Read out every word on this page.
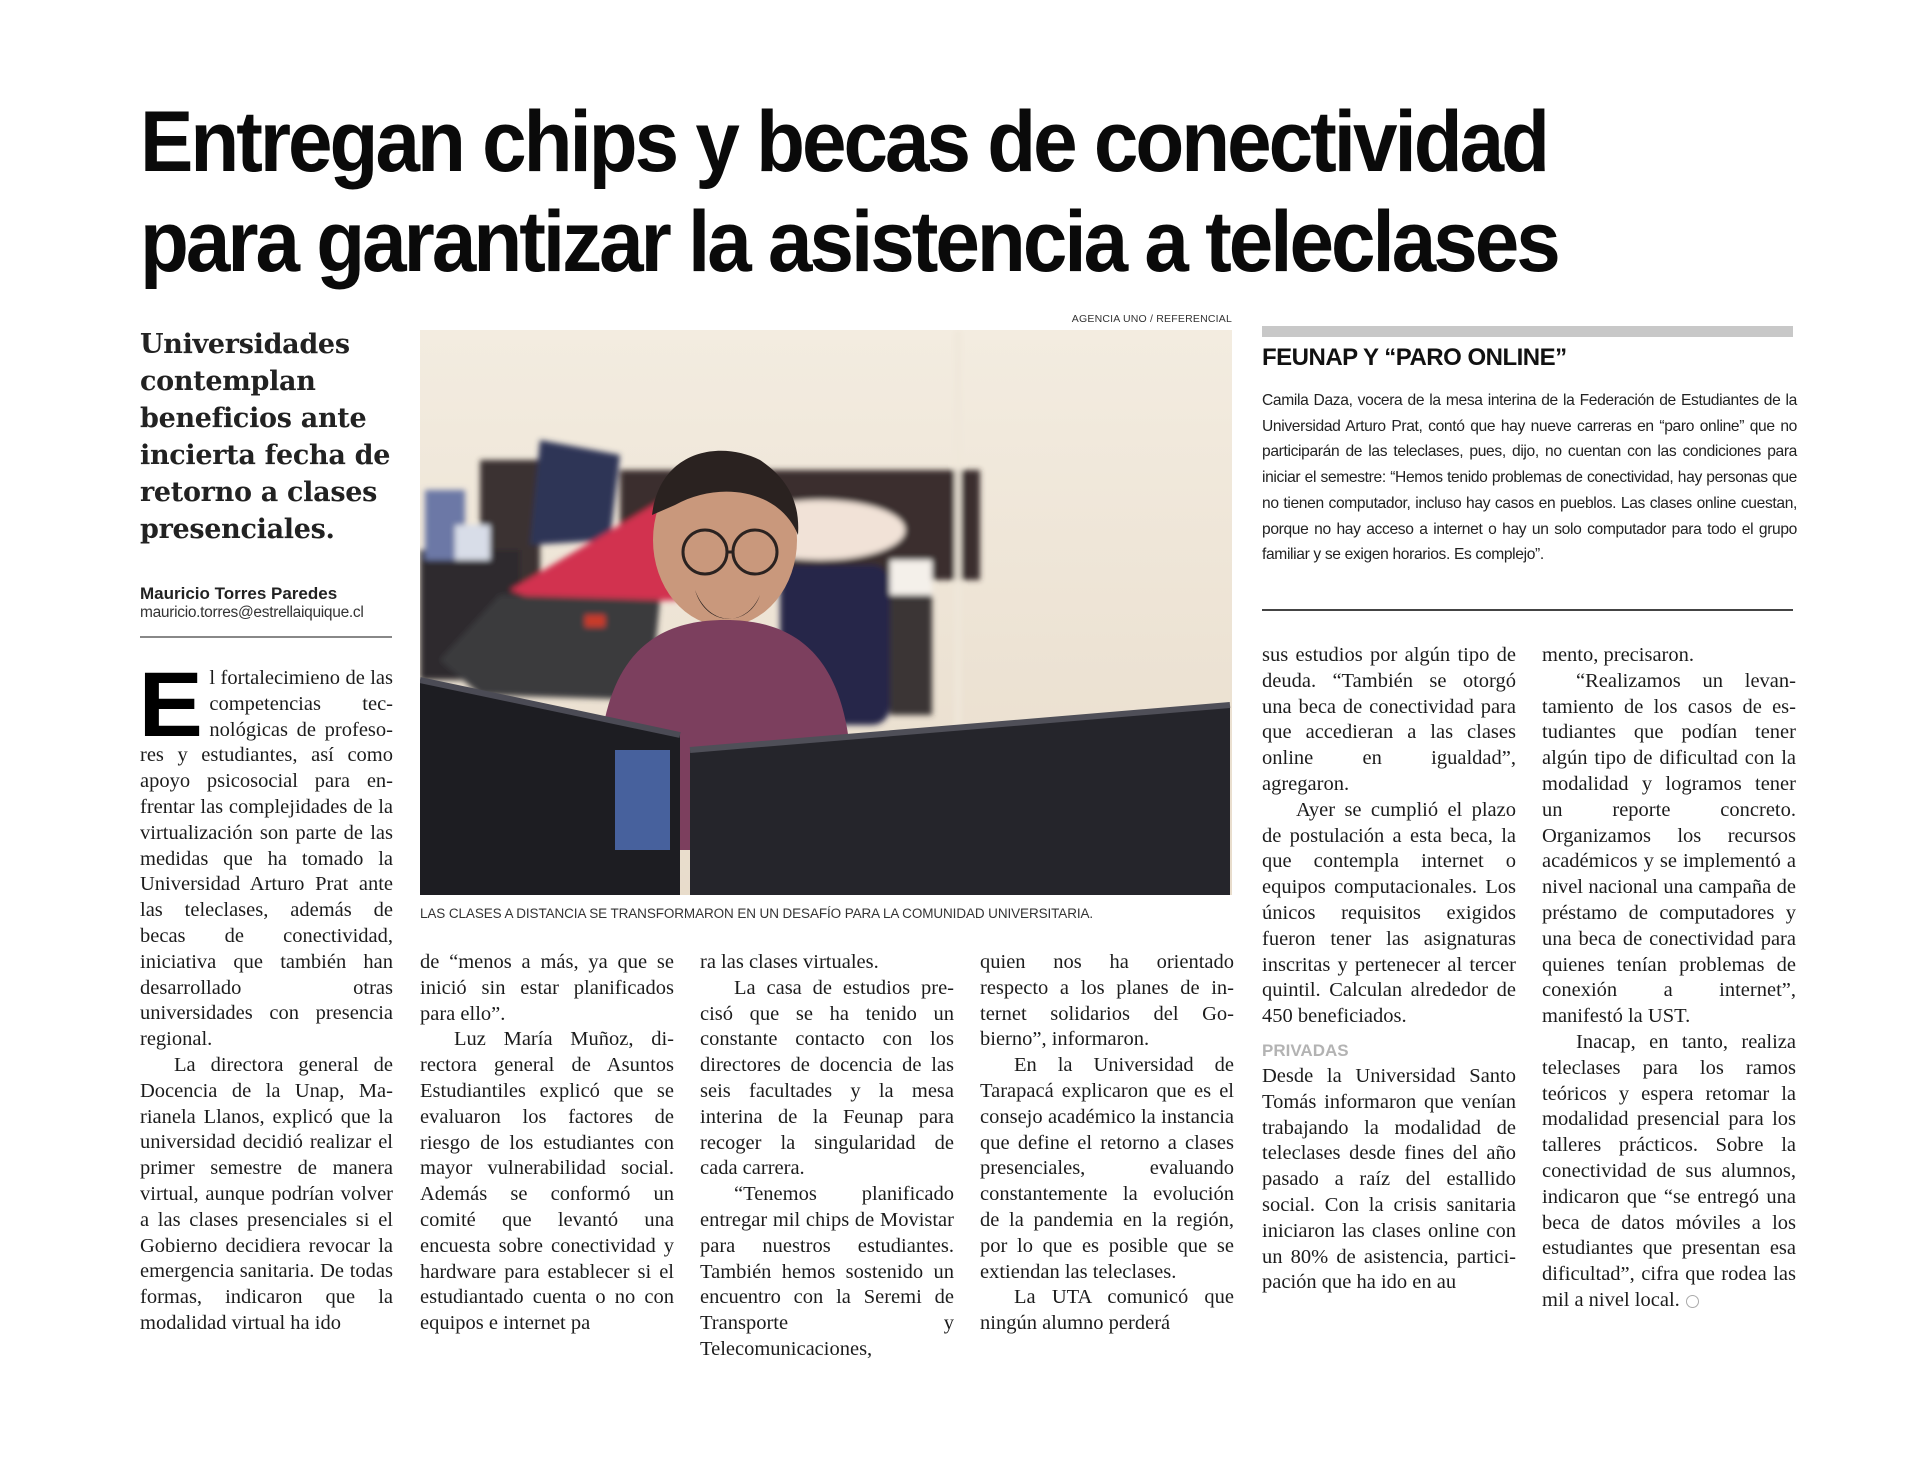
Entregan chips y becas de conectividad
para garantizar la asistencia a teleclases
Universidades contemplan beneficios ante incierta fecha de retorno a clases presenciales.
Mauricio Torres Paredes
mauricio.torres@estrellaiquique.cl
AGENCIA UNO / REFERENCIAL
LAS CLASES A DISTANCIA SE TRANSFORMARON EN UN DESAFÍO PARA LA COMUNIDAD UNIVERSITARIA.
FEUNAP Y “PARO ONLINE”
Camila Daza, vocera de la mesa interina de la Federación de Estudiantes de la Universidad Arturo Prat, contó que hay nueve carreras en “paro online” que no participarán de las teleclases, pues, dijo, no cuentan con las condiciones para iniciar el semestre: “Hemos tenido problemas de conectividad, hay personas que no tienen computador, incluso hay casos en pueblos. Las clases online cuestan, porque no hay acceso a internet o hay un solo computador para todo el grupo familiar y se exigen horarios. Es complejo”.

El fortalecimieno de las competencias tecnológicas de profesores y estudiantes, así como apoyo psicosocial para enfrentar las complejidades de la virtualización son parte de las medidas que ha tomado la Universidad Arturo Prat ante las teleclases, además de becas de conectividad, iniciativa que también han desarrollado otras universidades con presencia regional.

La directora general de Docencia de la Unap, Marianela Llanos, explicó que la universidad decidió realizar el primer semestre de manera virtual, aunque podrían volver a las clases presenciales si el Gobierno decidiera revocar la emergencia sanitaria. De todas formas, indicaron que la modalidad virtual ha ido

de “menos a más, ya que se inició sin estar planificados para ello”.

Luz María Muñoz, directora general de Asuntos Estudiantiles explicó que se evaluaron los factores de riesgo de los estudiantes con mayor vulnerabilidad social. Además se conformó un comité que levantó una encuesta sobre conectividad y hardware para establecer si el estudiantado cuenta o no con equipos e internet pa

ra las clases virtuales.

La casa de estudios precisó que se ha tenido un constante contacto con los directores de docencia de las seis facultades y la mesa interina de la Feunap para recoger la singularidad de cada carrera.

“Tenemos planificado entregar mil chips de Movistar para nuestros estudiantes. También hemos sostenido un encuentro con la Seremi de Transporte y Telecomunicaciones,

quien nos ha orientado respecto a los planes de internet solidarios del Gobierno”, informaron.

En la Universidad de Tarapacá explicaron que es el consejo académico la instancia que define el retorno a clases presenciales, evaluando constantemente la evolución de la pandemia en la región, por lo que es posible que se extiendan las teleclases.

La UTA comunicó que ningún alumno perderá

sus estudios por algún tipo de deuda. “También se otorgó una beca de conectividad para que accedieran a las clases online en igualdad”, agregaron.

Ayer se cumplió el plazo de postulación a esta beca, la que contempla internet o equipos computacionales. Los únicos requisitos exigidos fueron tener las asignaturas inscritas y pertenecer al tercer quintil. Calculan alrededor de 450 beneficiados.

PRIVADAS

Desde la Universidad Santo Tomás informaron que venían trabajando la modalidad de teleclases desde fines del año pasado a raíz del estallido social. Con la crisis sanitaria iniciaron las clases online con un 80% de asistencia, participación que ha ido en au

mento, precisaron.

“Realizamos un levantamiento de los casos de estudiantes que podían tener algún tipo de dificultad con la modalidad y logramos tener un reporte concreto. Organizamos los recursos académicos y se implementó a nivel nacional una campaña de préstamo de computadores y una beca de conectividad para quienes tenían problemas de conexión a internet”, manifestó la UST.

Inacap, en tanto, realiza teleclases para los ramos teóricos y espera retomar la modalidad presencial para los talleres prácticos. Sobre la conectividad de sus alumnos, indicaron que “se entregó una beca de datos móviles a los estudiantes que presentan esa dificultad”, cifra que rodea las mil a nivel local.
